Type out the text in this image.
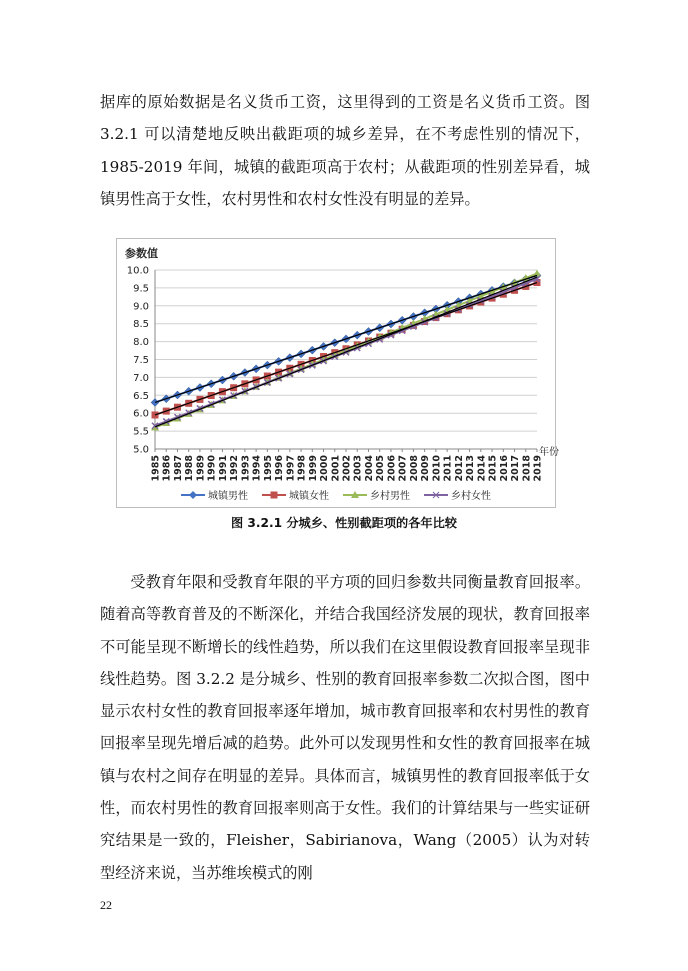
据库的原始数据是名义货币工资，这里得到的工资是名义货币工资。图3.2.1 可以清楚地反映出截距项的城乡差异，在不考虑性别的情况下，1985-2019 年间，城镇的截距项高于农村；从截距项的性别差异看，城镇男性高于女性，农村男性和农村女性没有明显的差异。

参数值
5.0
5.5
6.0
6.5
7.0
7.5
8.0
8.5
9.0
9.5
10.0
1985 1986 1987 1988 1989 1990 1991 1992 1993 1994 1995 1996 1997 1998 1999 2000 2001 2002 2003 2004 2005 2006 2007 2008 2009 2010 2011 2012 2013 2014 2015 2016 2017 2018 2019
年份
城镇男性	城镇女性	乡村男性	乡村女性
图 3.2.1 分城乡、性别截距项的各年比较

受教育年限和受教育年限的平方项的回归参数共同衡量教育回报率。随着高等教育普及的不断深化，并结合我国经济发展的现状，教育回报率不可能呈现不断增长的线性趋势，所以我们在这里假设教育回报率呈现非线性趋势。图 3.2.2 是分城乡、性别的教育回报率参数二次拟合图，图中显示农村女性的教育回报率逐年增加，城市教育回报率和农村男性的教育回报率呈现先增后减的趋势。此外可以发现男性和女性的教育回报率在城镇与农村之间存在明显的差异。具体而言，城镇男性的教育回报率低于女性，而农村男性的教育回报率则高于女性。我们的计算结果与一些实证研究结果是一致的，Fleisher，Sabirianova，Wang（2005）认为对转型经济来说，当苏维埃模式的刚

22
